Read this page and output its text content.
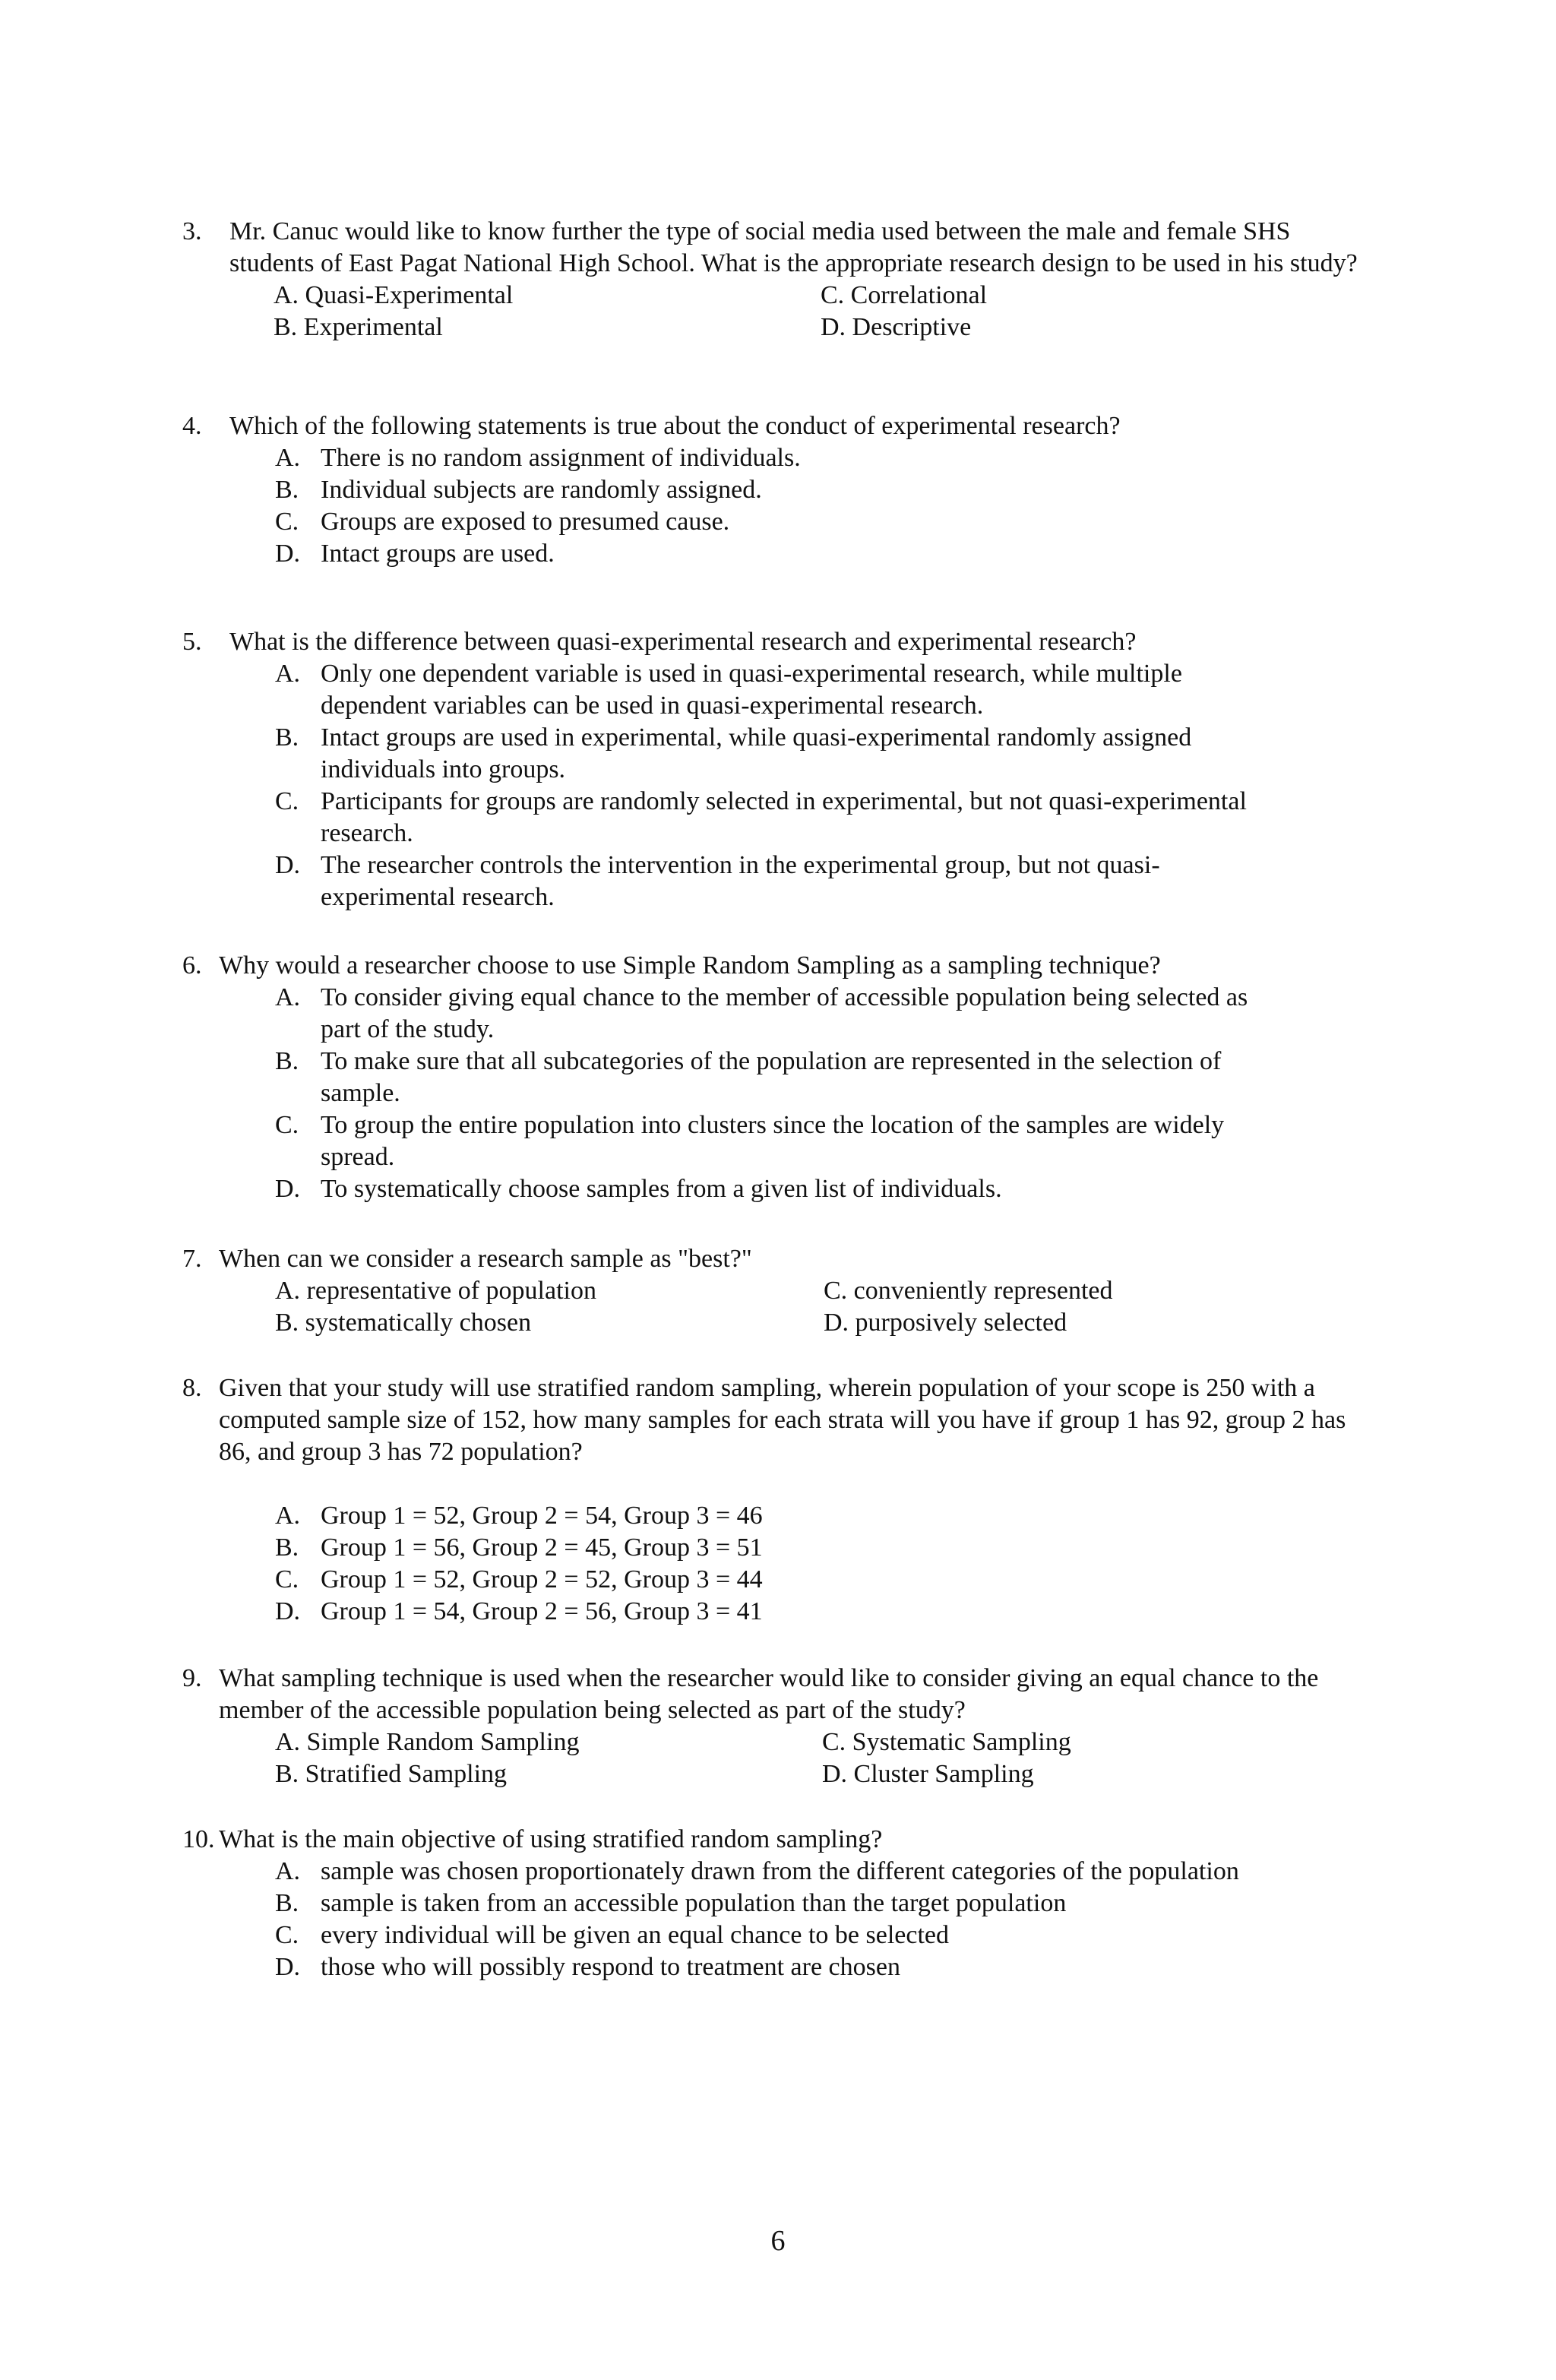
3.	Mr. Canuc would like to know further the type of social media used between the male and female SHS students of East Pagat National High School. What is the appropriate research design to be used in his study?
A. Quasi-Experimental	C. Correlational
B. Experimental	D. Descriptive
4.	Which of the following statements is true about the conduct of experimental research?
A. There is no random assignment of individuals.
B. Individual subjects are randomly assigned.
C. Groups are exposed to presumed cause.
D. Intact groups are used.
5.	What is the difference between quasi-experimental research and experimental research?
A. Only one dependent variable is used in quasi-experimental research, while multiple dependent variables can be used in quasi-experimental research.
B. Intact groups are used in experimental, while quasi-experimental randomly assigned individuals into groups.
C. Participants for groups are randomly selected in experimental, but not quasi-experimental research.
D. The researcher controls the intervention in the experimental group, but not quasi-experimental research.
6. Why would a researcher choose to use Simple Random Sampling as a sampling technique?
A. To consider giving equal chance to the member of accessible population being selected as part of the study.
B. To make sure that all subcategories of the population are represented in the selection of sample.
C. To group the entire population into clusters since the location of the samples are widely spread.
D. To systematically choose samples from a given list of individuals.
7. When can we consider a research sample as "best?"
A. representative of population	C. conveniently represented
B. systematically chosen	D. purposively selected
8. Given that your study will use stratified random sampling, wherein population of your scope is 250 with a computed sample size of 152, how many samples for each strata will you have if group 1 has 92, group 2 has 86, and group 3 has 72 population?
A. Group 1 = 52, Group 2 = 54, Group 3 = 46
B. Group 1 = 56, Group 2 = 45, Group 3 = 51
C. Group 1 = 52, Group 2 = 52, Group 3 = 44
D. Group 1 = 54, Group 2 = 56, Group 3 = 41
9. What sampling technique is used when the researcher would like to consider giving an equal chance to the member of the accessible population being selected as part of the study?
A. Simple Random Sampling	C. Systematic Sampling
B. Stratified Sampling	D. Cluster Sampling
10. What is the main objective of using stratified random sampling?
A. sample was chosen proportionately drawn from the different categories of the population
B. sample is taken from an accessible population than the target population
C. every individual will be given an equal chance to be selected
D. those who will possibly respond to treatment are chosen
6
